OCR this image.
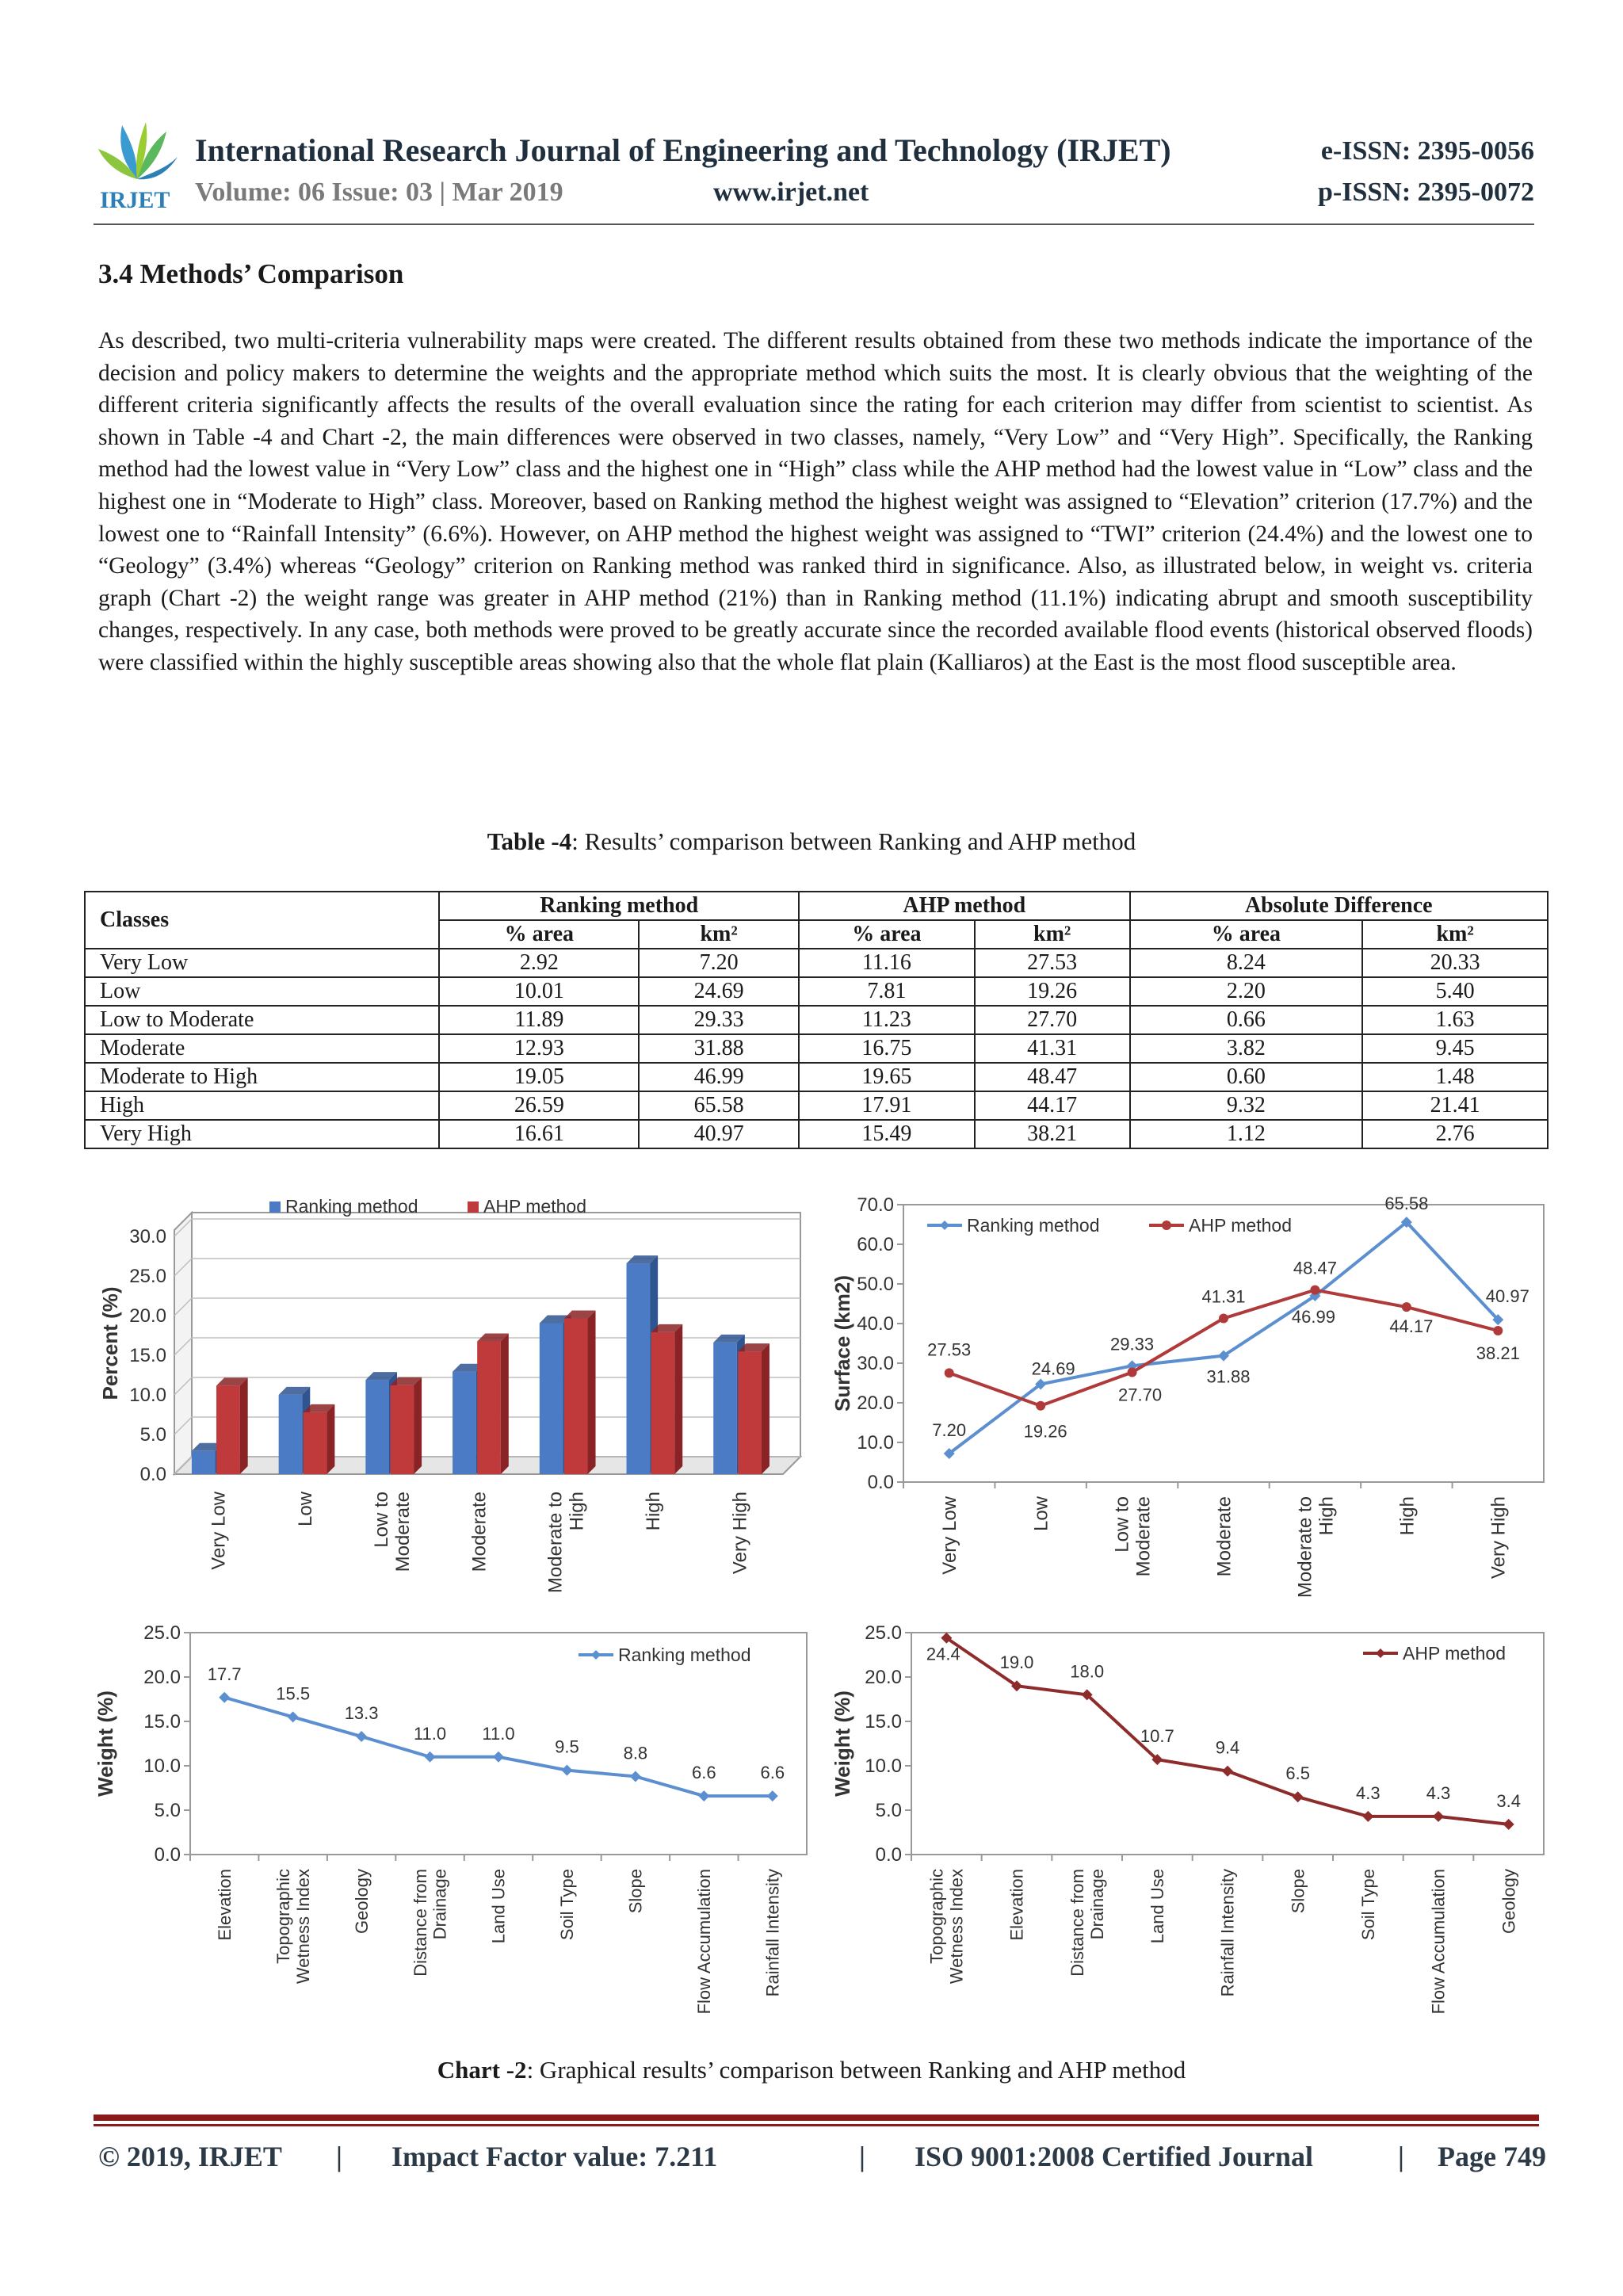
IRJET
International Research Journal of Engineering and Technology (IRJET)	e-ISSN: 2395-0056
Volume: 06 Issue: 03 | Mar 2019	www.irjet.net	p-ISSN: 2395-0072
3.4 Methods’ Comparison
As described, two multi-criteria vulnerability maps were created. The different results obtained from these two methods indicate the importance of the decision and policy makers to determine the weights and the appropriate method which suits the most. It is clearly obvious that the weighting of the different criteria significantly affects the results of the overall evaluation since the rating for each criterion may differ from scientist to scientist. As shown in Table -4 and Chart -2, the main differences were observed in two classes, namely, “Very Low” and “Very High”. Specifically, the Ranking method had the lowest value in “Very Low” class and the highest one in “High” class while the AHP method had the lowest value in “Low” class and the highest one in “Moderate to High” class. Moreover, based on Ranking method the highest weight was assigned to “Elevation” criterion (17.7%) and the lowest one to “Rainfall Intensity” (6.6%). However, on AHP method the highest weight was assigned to “TWI” criterion (24.4%) and the lowest one to “Geology” (3.4%) whereas “Geology” criterion on Ranking method was ranked third in significance. Also, as illustrated below, in weight vs. criteria graph (Chart -2) the weight range was greater in AHP method (21%) than in Ranking method (11.1%) indicating abrupt and smooth susceptibility changes, respectively. In any case, both methods were proved to be greatly accurate since the recorded available flood events (historical observed floods) were classified within the highly susceptible areas showing also that the whole flat plain (Kalliaros) at the East is the most flood susceptible area.
Table -4: Results’ comparison between Ranking and AHP method
Classes	Ranking method		AHP method		Absolute Difference	
	% area	km²	% area	km²	% area	km²
Very Low	2.92	7.20	11.16	27.53	8.24	20.33
Low	10.01	24.69	7.81	19.26	2.20	5.40
Low to Moderate	11.89	29.33	11.23	27.70	0.66	1.63
Moderate	12.93	31.88	16.75	41.31	3.82	9.45
Moderate to High	19.05	46.99	19.65	48.47	0.60	1.48
High	26.59	65.58	17.91	44.17	9.32	21.41
Very High	16.61	40.97	15.49	38.21	1.12	2.76
0.0
5.0
10.0
15.0
20.0
25.0
30.0
Percent (%)
Very Low	Low	Low toModerate	Moderate	Moderate toHigh	High	Very High
Ranking method	AHP method
0.0
10.0
20.0
30.0
40.0
50.0
60.0
70.0
Surface (km2)
Very Low	Low	Low toModerate	Moderate	Moderate toHigh	High	Very High
7.20
24.69
29.33
31.88
46.99
65.58
40.97
27.53
19.26
27.70
41.31
48.47
44.17
38.21
Ranking method	AHP method
0.0
5.0
10.0
15.0
20.0
25.0
Weight (%)
Elevation TopographicWetness Index Geology Distance fromDrainage Land Use	Soil Type	Slope	Flow Accumulation	Rainfall Intensity
17.7
15.5
13.3
11.0 11.0
9.5	8.8
6.6	6.6
Ranking method
0.0
5.0
10.0
15.0
20.0
25.0
Weight (%)
TopographicWetness Index Elevation Distance fromDrainage Land Use	Rainfall Intensity	Slope	Soil Type	Flow Accumulation	Geology
24.4 19.0 18.0
10.7
9.4
6.5
4.3	4.3	3.4
AHP method
Chart -2: Graphical results’ comparison between Ranking and AHP method
© 2019, IRJET | Impact Factor value: 7.211	| ISO 9001:2008 Certified Journal	| Page 749
